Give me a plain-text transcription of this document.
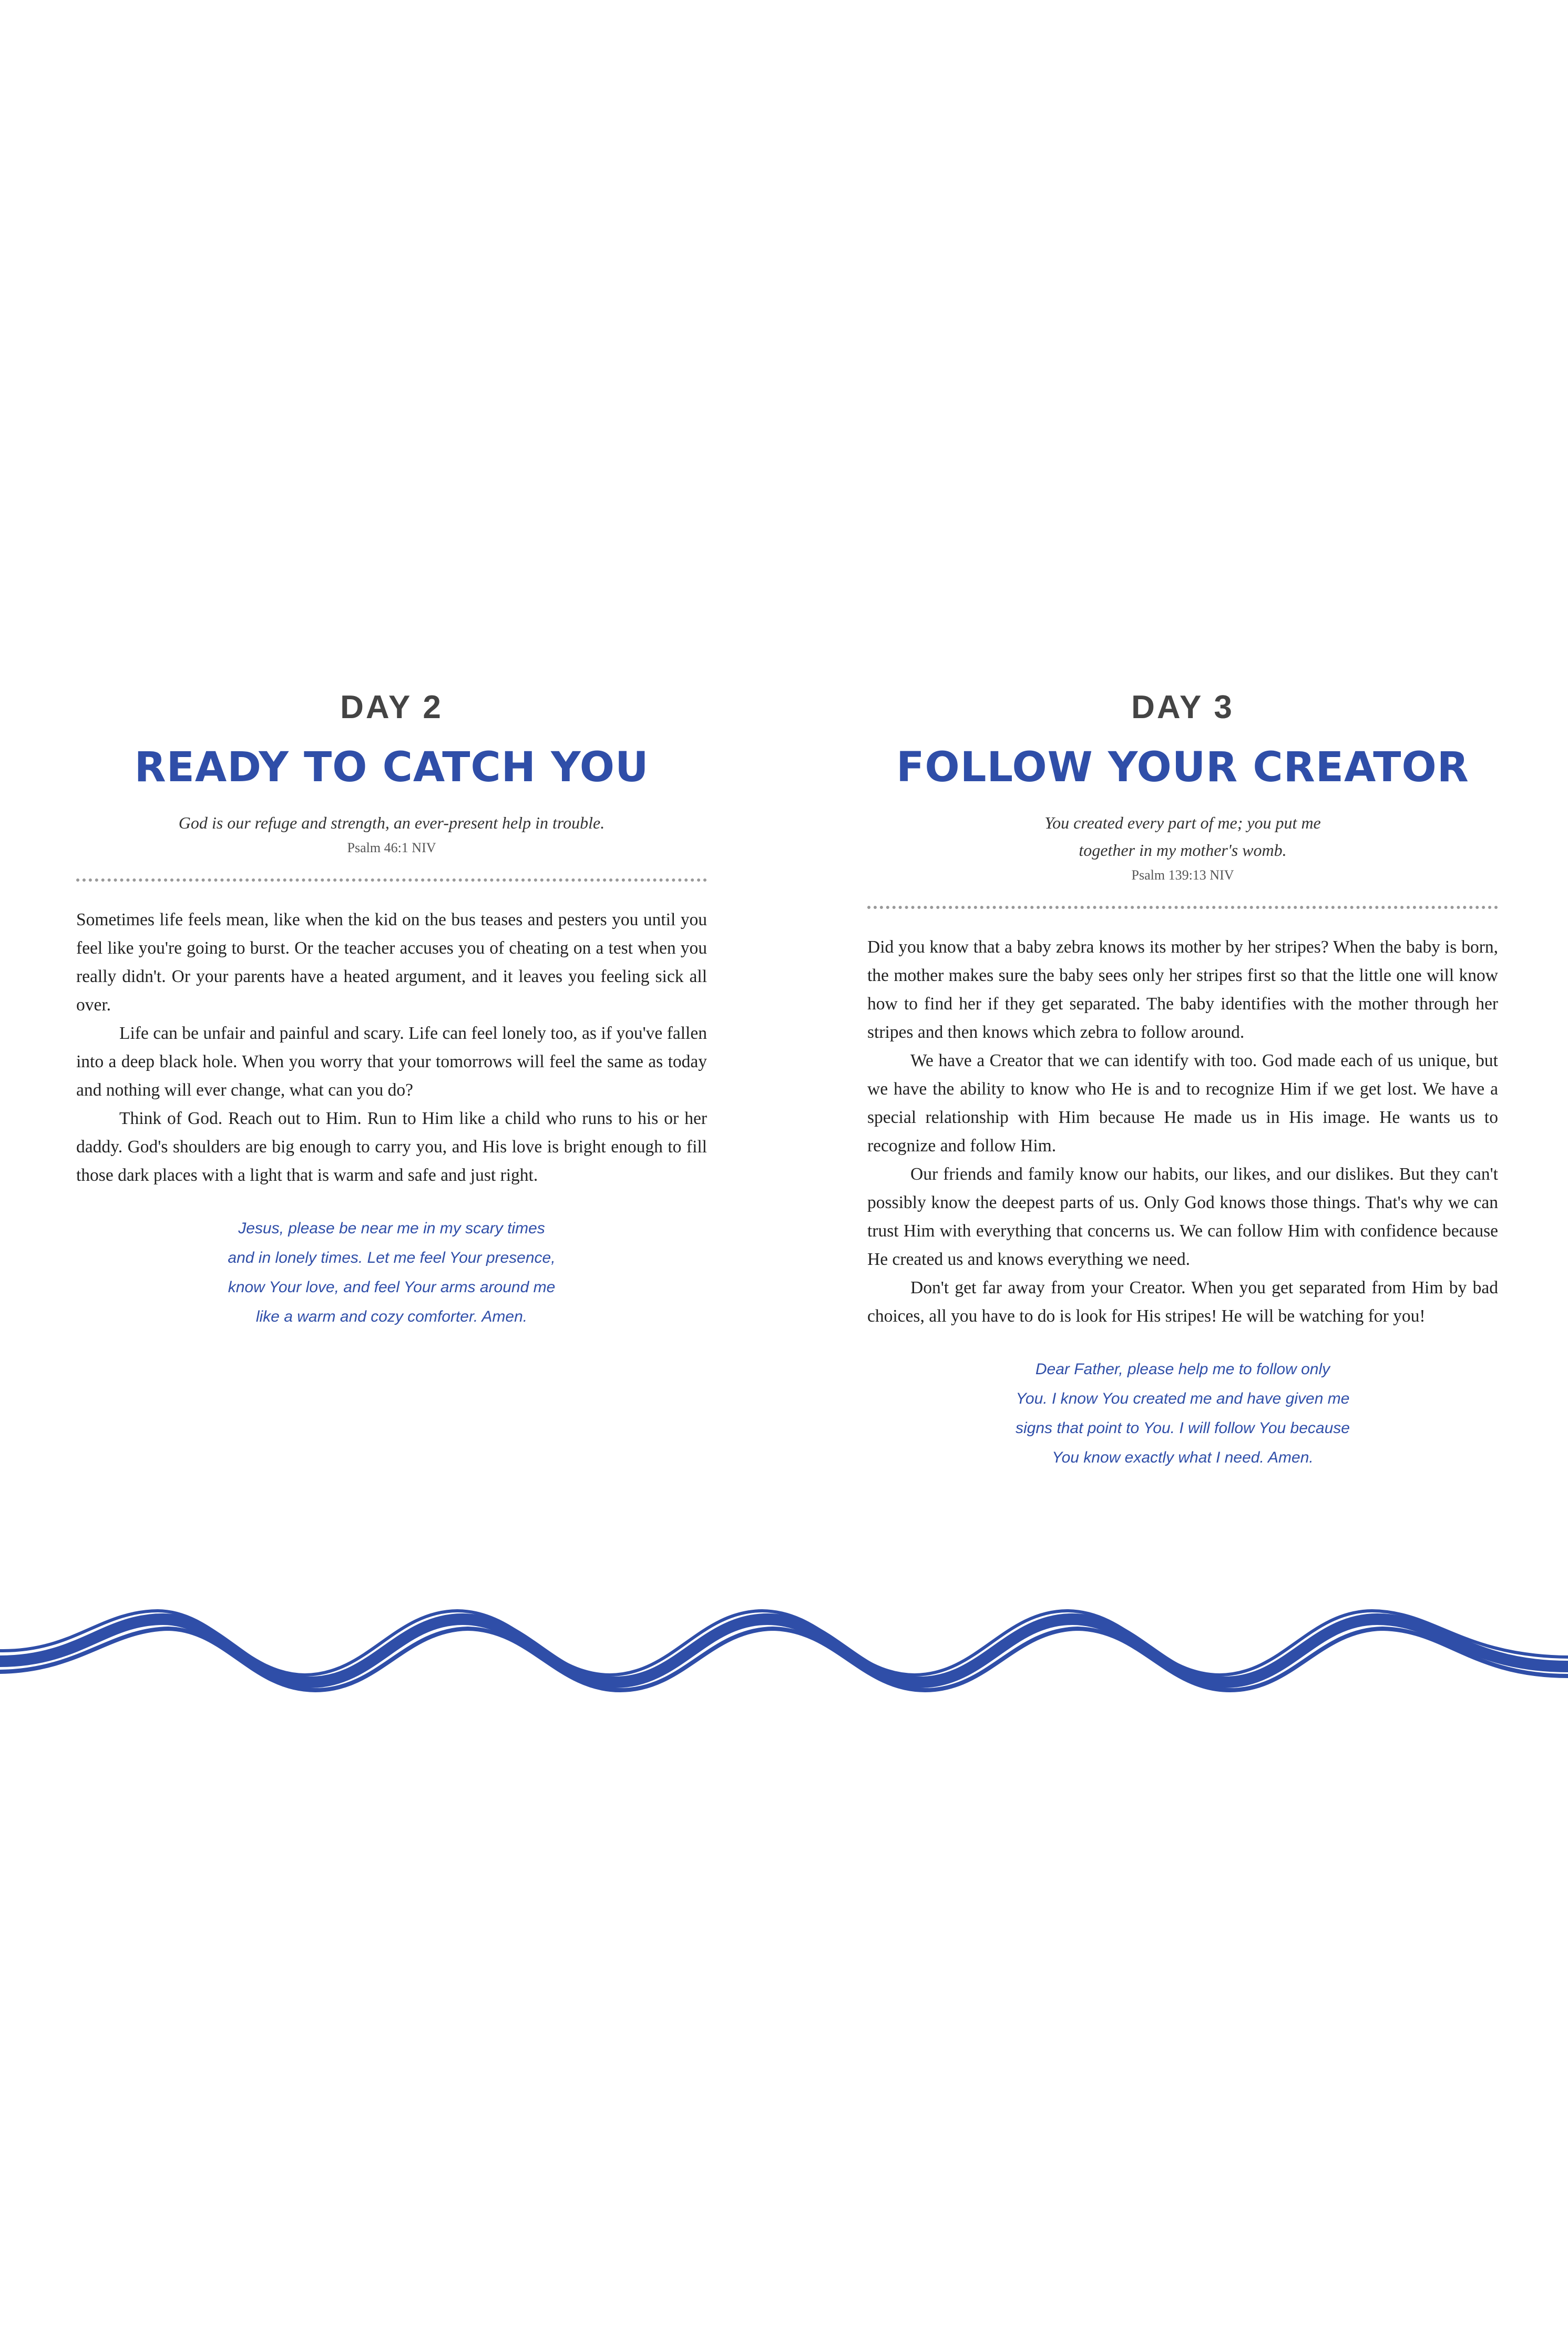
DAY 2
READY TO CATCH YOU

God is our refuge and strength, an ever-present help in trouble.

Psalm 46:1 NIV

Sometimes life feels mean, like when the kid on the bus teases and pesters you until you feel like you're going to burst. Or the teacher accuses you of cheating on a test when you really didn't. Or your parents have a heated argument, and it leaves you feeling sick all over.

Life can be unfair and painful and scary. Life can feel lonely too, as if you've fallen into a deep black hole. When you worry that your tomorrows will feel the same as today and nothing will ever change, what can you do?

Think of God. Reach out to Him. Run to Him like a child who runs to his or her daddy. God's shoulders are big enough to carry you, and His love is bright enough to fill those dark places with a light that is warm and safe and just right.

Jesus, please be near me in my scary times
and in lonely times. Let me feel Your presence,
know Your love, and feel Your arms around me
like a warm and cozy comforter. Amen.
DAY 3
FOLLOW YOUR CREATOR
You created every part of me; you put me
together in my mother's womb.

Psalm 139:13 NIV

Did you know that a baby zebra knows its mother by her stripes? When the baby is born, the mother makes sure the baby sees only her stripes first so that the little one will know how to find her if they get separated. The baby identifies with the mother through her stripes and then knows which zebra to follow around.

We have a Creator that we can identify with too. God made each of us unique, but we have the ability to know who He is and to recognize Him if we get lost. We have a special relationship with Him because He made us in His image. He wants us to recognize and follow Him.

Our friends and family know our habits, our likes, and our dislikes. But they can't possibly know the deepest parts of us. Only God knows those things. That's why we can trust Him with everything that concerns us. We can follow Him with confidence because He created us and knows everything we need.

Don't get far away from your Creator. When you get separated from Him by bad choices, all you have to do is look for His stripes! He will be watching for you!

Dear Father, please help me to follow only
You. I know You created me and have given me
signs that point to You. I will follow You because
You know exactly what I need. Amen.
